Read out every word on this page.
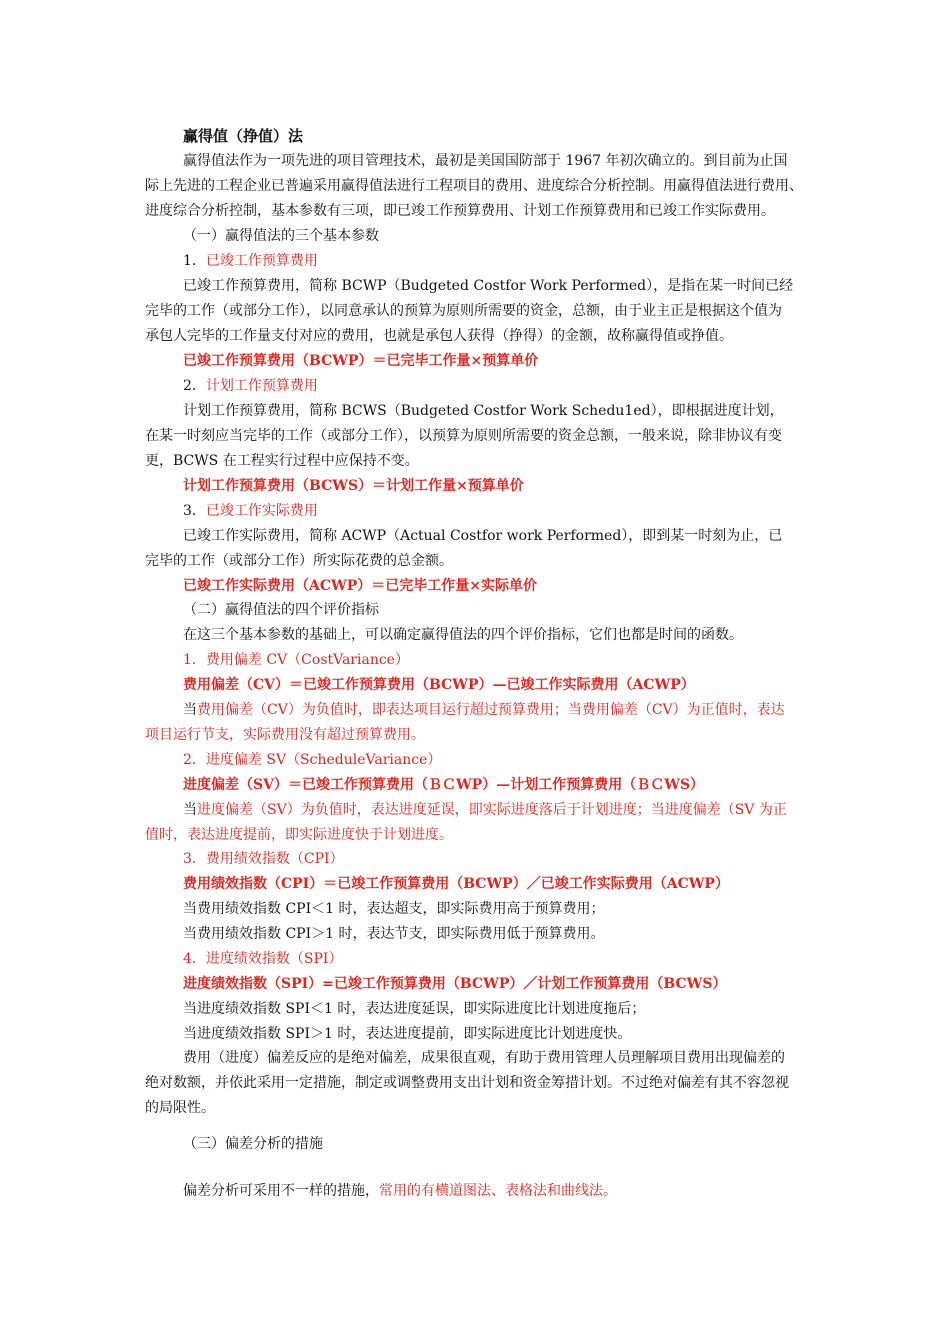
赢得值（挣值）法
赢得值法作为一项先进的项目管理技术，最初是美国国防部于 1967 年初次确立的。到目前为止国
际上先进的工程企业已普遍采用赢得值法进行工程项目的费用、进度综合分析控制。用赢得值法进行费用、
进度综合分析控制，基本参数有三项，即已竣工作预算费用、计划工作预算费用和已竣工作实际费用。
（一）赢得值法的三个基本参数
1．已竣工作预算费用
已竣工作预算费用，简称 BCWP（Budgeted Costfor Work Performed），是指在某一时间已经
完毕的工作（或部分工作），以同意承认的预算为原则所需要的资金，总额，由于业主正是根据这个值为
承包人完毕的工作量支付对应的费用，也就是承包人获得（挣得）的金额，故称赢得值或挣值。
已竣工作预算费用（BCWP）＝已完毕工作量×预算单价
2．计划工作预算费用
计划工作预算费用，简称 BCWS（Budgeted Costfor Work Schedu1ed），即根据进度计划，
在某一时刻应当完毕的工作（或部分工作），以预算为原则所需要的资金总额，一般来说，除非协议有变
更，BCWS 在工程实行过程中应保持不变。
计划工作预算费用（BCWS）＝计划工作量×预算单价
3．已竣工作实际费用
已竣工作实际费用，简称 ACWP（Actual Costfor work Performed），即到某一时刻为止，已
完毕的工作（或部分工作）所实际花费的总金额。
已竣工作实际费用（ACWP）＝已完毕工作量×实际单价
（二）赢得值法的四个评价指标
在这三个基本参数的基础上，可以确定赢得值法的四个评价指标，它们也都是时间的函数。
1．费用偏差 CV（CostVariance）
费用偏差（CV）＝已竣工作预算费用（BCWP）—已竣工作实际费用（ACWP）
当费用偏差（CV）为负值时，即表达项目运行超过预算费用；当费用偏差（CV）为正值时，表达
项目运行节支，实际费用没有超过预算费用。
2．进度偏差 SV（ScheduleVariance）
进度偏差（SV）＝已竣工作预算费用（ＢＣWP）—计划工作预算费用（ＢＣWS）
当进度偏差（SV）为负值时，表达进度延误，即实际进度落后于计划进度；当进度偏差（SV 为正
值时，表达进度提前，即实际进度快于计划进度。
3．费用绩效指数（CPI）
费用绩效指数（CPI）＝已竣工作预算费用（BCWP）／已竣工作实际费用（ACWP）
当费用绩效指数 CPI＜1 时，表达超支，即实际费用高于预算费用；
当费用绩效指数 CPI＞1 时，表达节支，即实际费用低于预算费用。
4．进度绩效指数（SPI）
进度绩效指数（SPI）=已竣工作预算费用（BCWP）／计划工作预算费用（BCWS）
当进度绩效指数 SPI＜1 时，表达进度延误，即实际进度比计划进度拖后；
当进度绩效指数 SPI＞1 时，表达进度提前，即实际进度比计划进度快。
费用（进度）偏差反应的是绝对偏差，成果很直观，有助于费用管理人员理解项目费用出现偏差的
绝对数额，并依此采用一定措施，制定或调整费用支出计划和资金筹措计划。不过绝对偏差有其不容忽视
的局限性。
（三）偏差分析的措施
偏差分析可采用不一样的措施，常用的有横道图法、表格法和曲线法。
